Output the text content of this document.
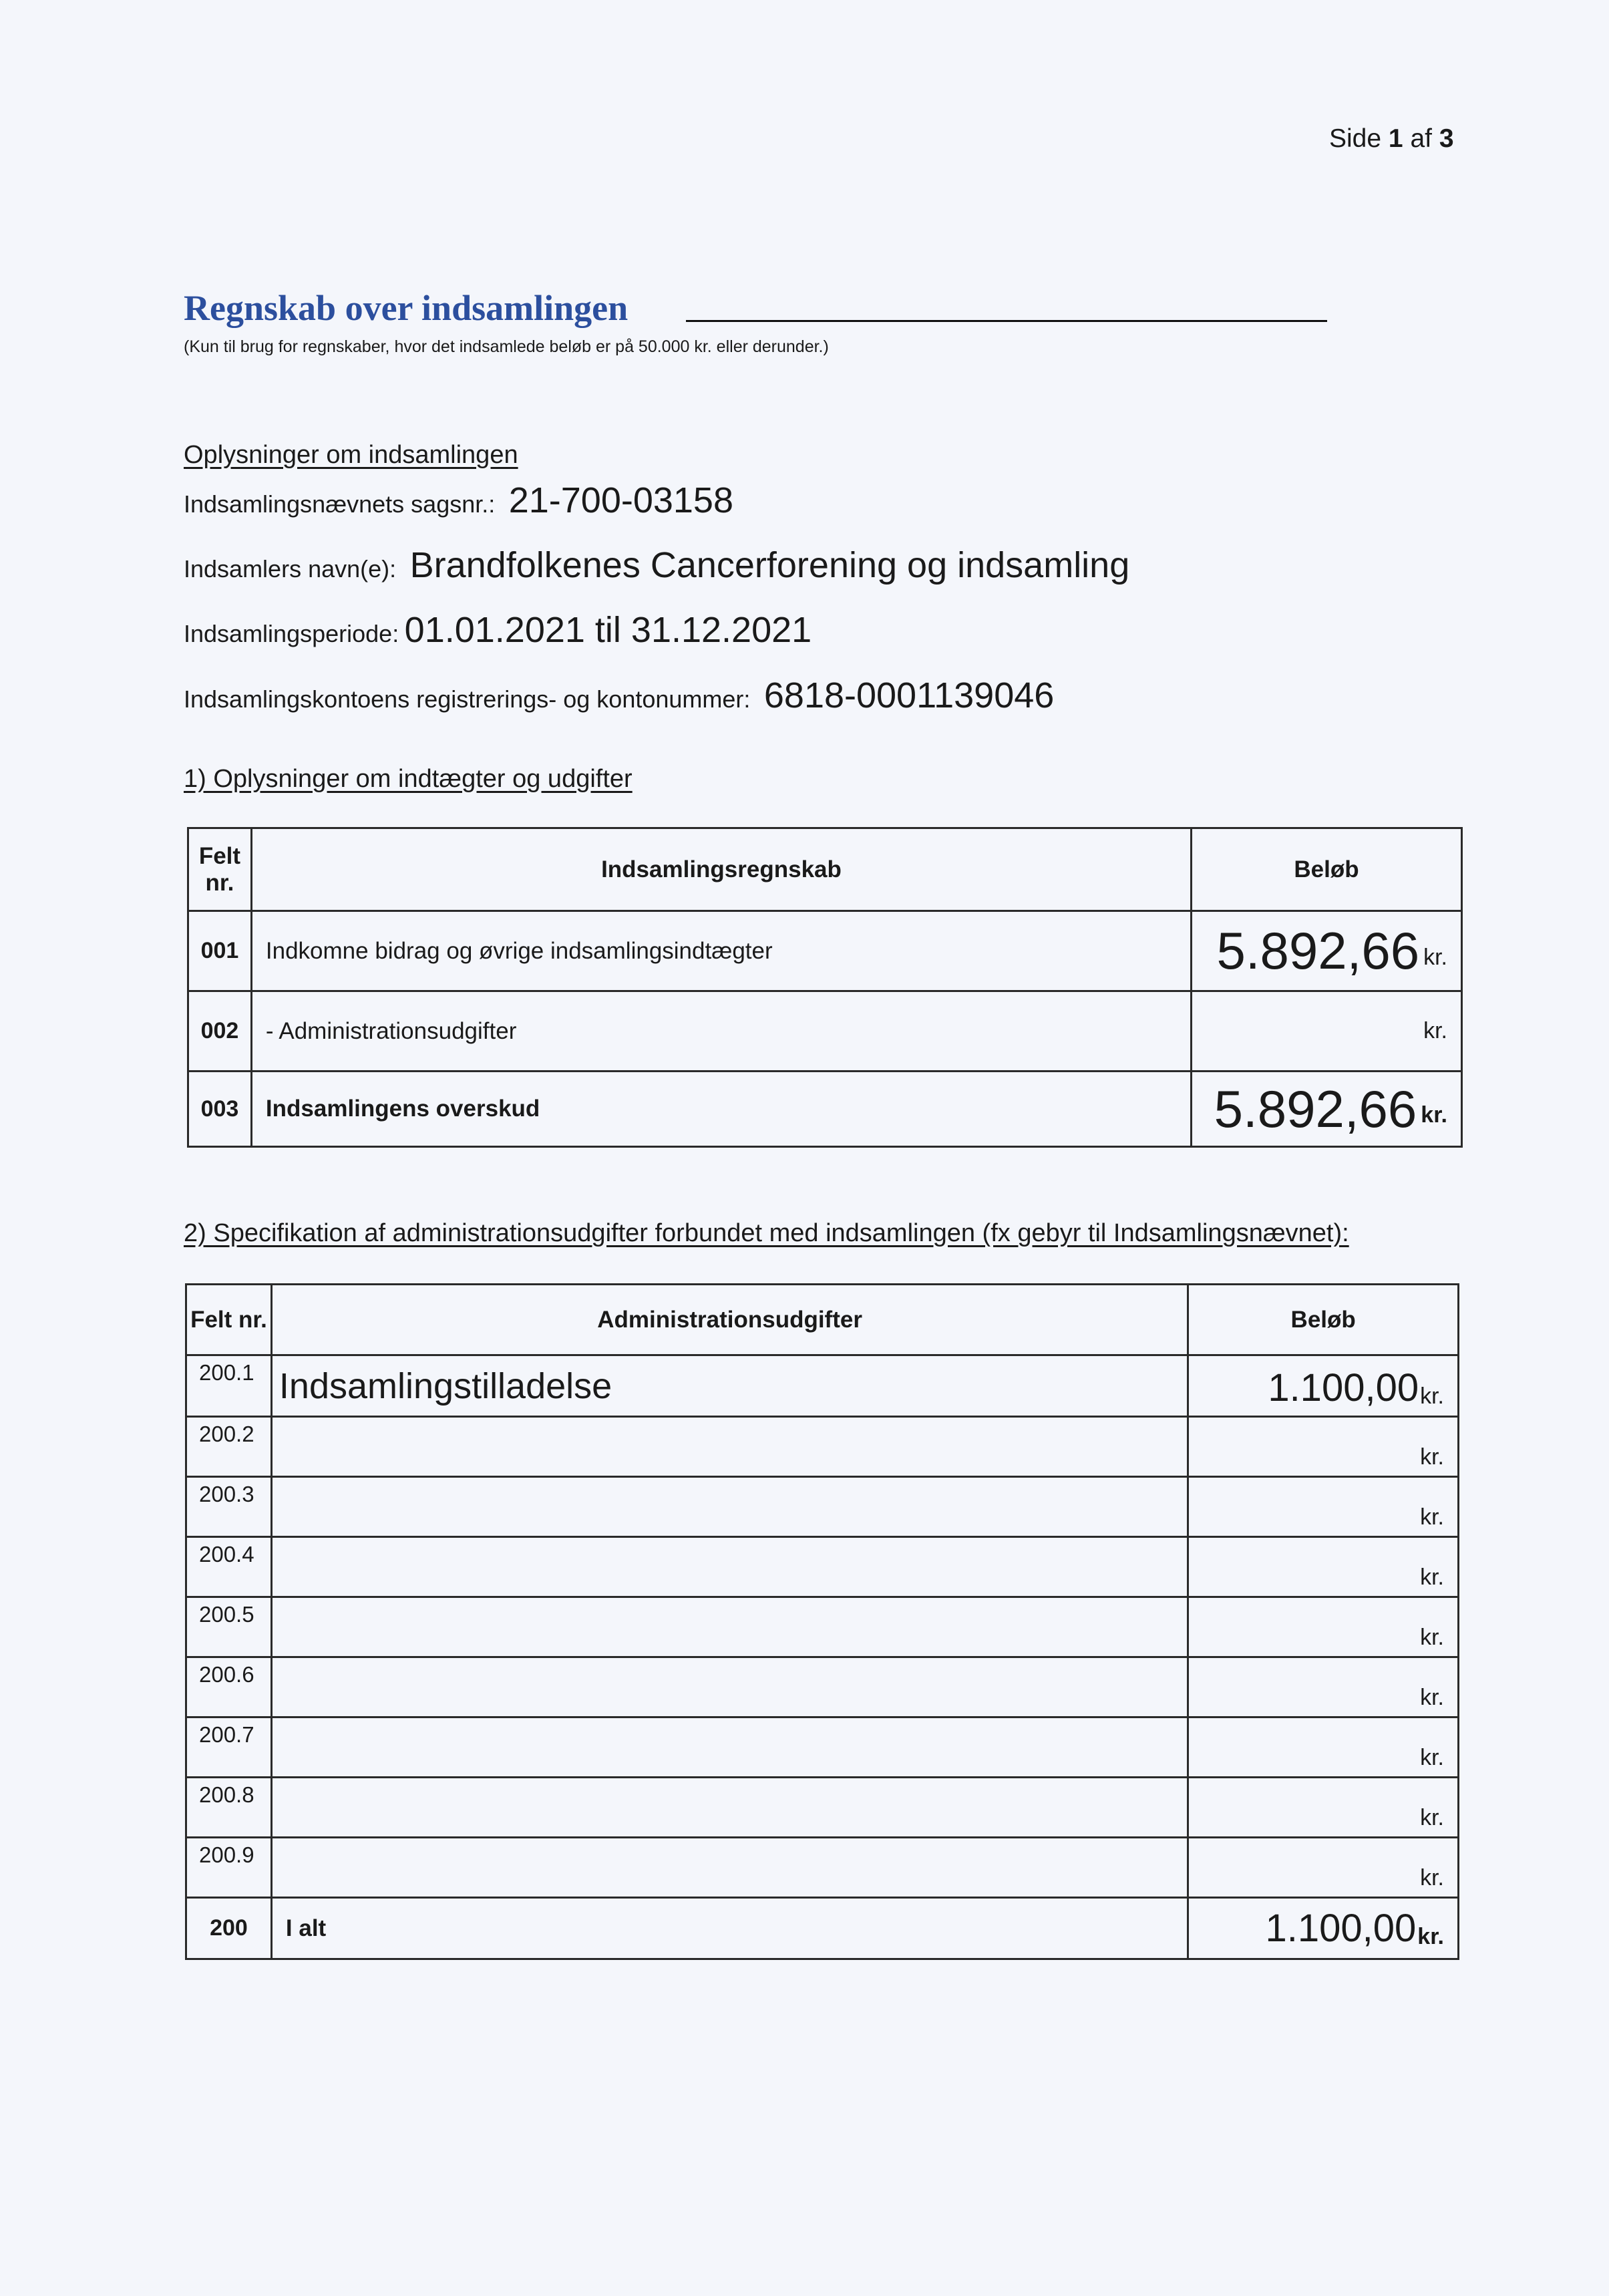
Side 1 af 3
Regnskab over indsamlingen
(Kun til brug for regnskaber, hvor det indsamlede beløb er på 50.000 kr. eller derunder.)
Oplysninger om indsamlingen
Indsamlingsnævnets sagsnr.: 21-700-03158
Indsamlers navn(e): Brandfolkenes Cancerforening og indsamling
Indsamlingsperiode: 01.01.2021 til 31.12.2021
Indsamlingskontoens registrerings- og kontonummer: 6818-0001139046
1) Oplysninger om indtægter og udgifter
Felt nr.	Indsamlingsregnskab	Beløb
001	Indkomne bidrag og øvrige indsamlingsindtægter	5.892,66 kr.
002	- Administrationsudgifter	kr.
003	Indsamlingens overskud	5.892,66 kr.
2) Specifikation af administrationsudgifter forbundet med indsamlingen (fx gebyr til Indsamlingsnævnet):
Felt nr.	Administrationsudgifter	Beløb
200.1	Indsamlingstilladelse	1.100,00kr.
200.2		kr.
200.3		kr.
200.4		kr.
200.5		kr.
200.6		kr.
200.7		kr.
200.8		kr.
200.9		kr.
200	I alt	1.100,00kr.
